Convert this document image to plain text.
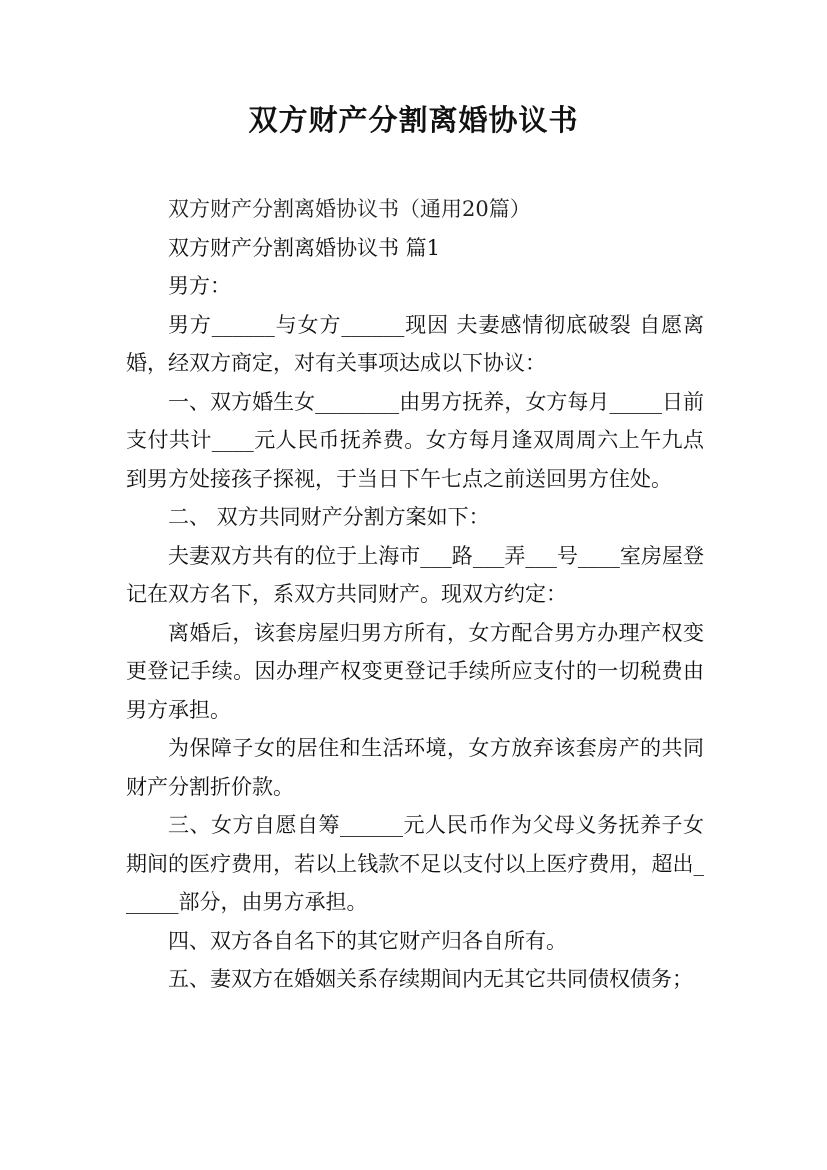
双方财产分割离婚协议书

双方财产分割离婚协议书（通用20篇）

双方财产分割离婚协议书 篇1

男方：

男方______与女方______现因 夫妻感情彻底破裂 自愿离婚，经双方商定，对有关事项达成以下协议：

一、双方婚生女________由男方抚养，女方每月_____日前支付共计____元人民币抚养费。女方每月逢双周周六上午九点到男方处接孩子探视，于当日下午七点之前送回男方住处。

二、 双方共同财产分割方案如下：

夫妻双方共有的位于上海市___路___弄___号____室房屋登记在双方名下，系双方共同财产。现双方约定：

离婚后，该套房屋归男方所有，女方配合男方办理产权变更登记手续。因办理产权变更登记手续所应支付的一切税费由男方承担。

为保障子女的居住和生活环境，女方放弃该套房产的共同财产分割折价款。

三、女方自愿自筹______元人民币作为父母义务抚养子女期间的医疗费用，若以上钱款不足以支付以上医疗费用，超出______部分，由男方承担。

四、双方各自名下的其它财产归各自所有。

五、妻双方在婚姻关系存续期间内无其它共同债权债务；
